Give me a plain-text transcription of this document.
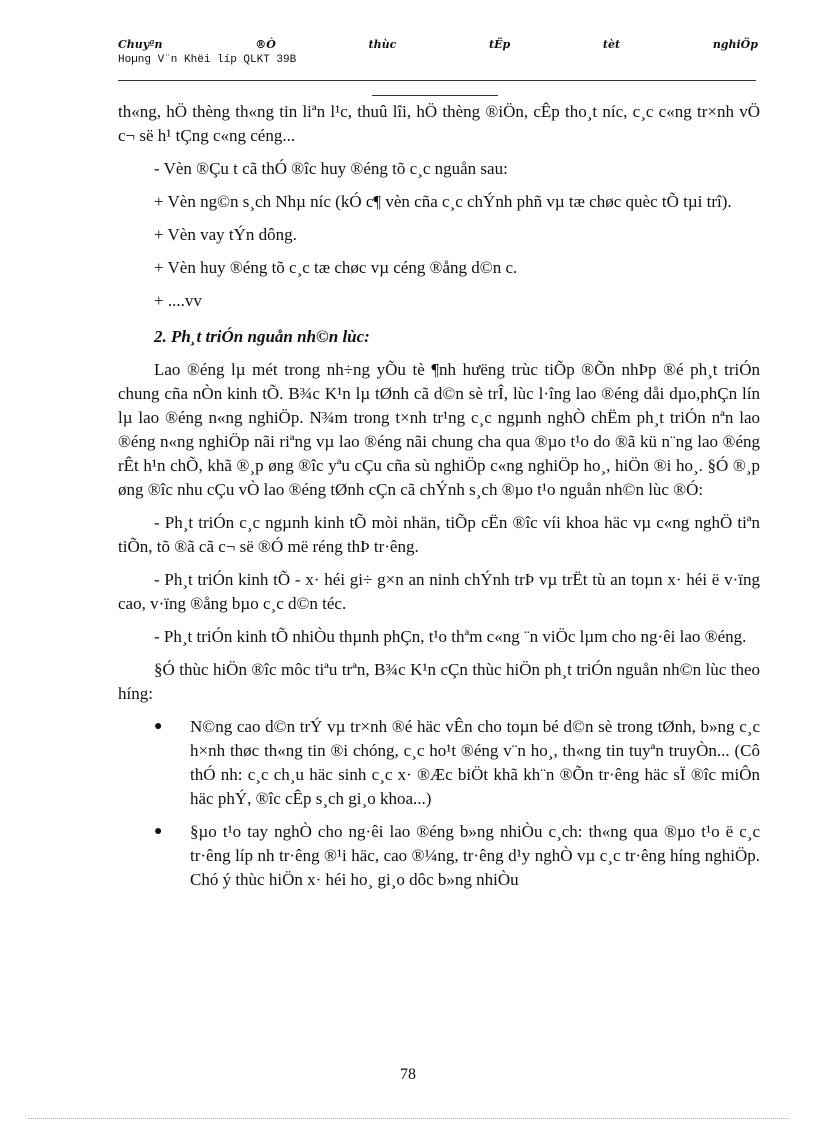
Chuyªn	®Ò	thùc	tËp	tèt	nghiÖp
Hoµng V¨n Khëi líp QLKT 39B

th«ng, hÖ thèng th«ng tin liªn l¹c, thuû lîi, hÖ thèng ®iÖn, cÊp tho¸t níc, c¸c c«ng tr×nh vÖ c¬ së h¹ tÇng c«ng céng...

- Vèn ®Çu t cã thÓ ®îc huy ®éng tõ c¸c nguån sau:

+ Vèn ng©n s¸ch Nhµ níc (kÓ c¶ vèn cña c¸c chÝnh phñ vµ tæ chøc quèc tÕ tµi trî).

+ Vèn vay tÝn dông.

+ Vèn huy ®éng tõ c¸c tæ chøc vµ céng ®ång d©n c.

+ ....vv

2. Ph¸t triÓn nguån nh©n lùc:

Lao ®éng lµ mét trong nh÷ng yÕu tè ¶nh hưëng trùc tiÕp ®Õn nhÞp ®é ph¸t triÓn chung cña nÒn kinh tÕ. B¾c K¹n lµ tØnh cã d©n sè trÎ, lùc l·îng lao ®éng dåi dµo,phÇn lín lµ lao ®éng n«ng nghiÖp. N¾m trong t×nh tr¹ng c¸c ngµnh nghÒ chËm ph¸t triÓn nªn lao ®éng n«ng nghiÖp nãi riªng vµ lao ®éng nãi chung cha qua ®µo t¹o do ®ã kü n¨ng lao ®éng rÊt h¹n chÕ, khã ®¸p øng ®îc yªu cÇu cña sù nghiÖp c«ng nghiÖp ho¸, hiÖn ®i ho¸. §Ó ®¸p øng ®îc nhu cÇu vÒ lao ®éng tØnh cÇn cã chÝnh s¸ch ®µo t¹o nguån nh©n lùc ®Ó:

- Ph¸t triÓn c¸c ngµnh kinh tÕ mòi nhän, tiÕp cËn ®îc víi khoa häc vµ c«ng nghÖ tiªn tiÕn, tõ ®ã cã c¬ së ®Ó më réng thÞ tr·êng.

- Ph¸t triÓn kinh tÕ - x· héi gi÷ g×n an ninh chÝnh trÞ vµ trËt tù an toµn x· héi ë v·ïng cao, v·ïng ®ång bµo c¸c d©n téc.

- Ph¸t triÓn kinh tÕ nhiÒu thµnh phÇn, t¹o thªm c«ng ¨n viÖc lµm cho ng·êi lao ®éng.

§Ó thùc hiÖn ®îc môc tiªu trªn, B¾c K¹n cÇn thùc hiÖn ph¸t triÓn nguån nh©n lùc theo híng:

●	N©ng cao d©n trÝ vµ tr×nh ®é häc vÊn cho toµn bé d©n sè trong tØnh, b»ng c¸c h×nh thøc th«ng tin ®i chóng, c¸c ho¹t ®éng v¨n ho¸, th«ng tin tuyªn truyÒn... (Cô thÓ nh: c¸c ch¸u häc sinh c¸c x· ®Æc biÖt khã kh¨n ®Õn tr·êng häc sÏ ®îc miÔn häc phÝ, ®îc cÊp s¸ch gi¸o khoa...)
●	§µo t¹o tay nghÒ cho ng·êi lao ®éng b»ng nhiÒu c¸ch: th«ng qua ®µo t¹o ë c¸c tr·êng líp nh tr·êng ®¹i häc, cao ®¼ng, tr·êng d¹y nghÒ vµ c¸c tr·êng híng nghiÖp. Chó ý thùc hiÖn x· héi ho¸ gi¸o dôc b»ng nhiÒu
78
